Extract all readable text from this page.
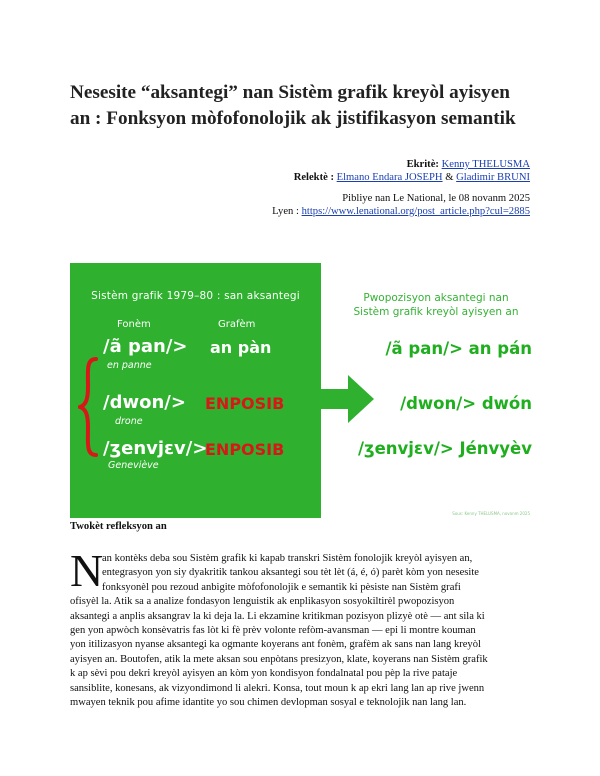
Nesesite “aksantegi” nan Sistèm grafik kreyòl ayisyen
an : Fonksyon mòfofonolojik ak jistifikasyon semantik
Ekritè: Kenny THELUSMA
Relektè : Elmano Endara JOSEPH & Gladimir BRUNI
Pibliye nan Le National, le 08 novanm 2025
Lyen : https://www.lenational.org/post_article.php?cul=2885
Sistèm grafik 1979–80 : san aksantegi
Fonèm	Grafèm
/ã pan/> an pàn
en panne
/dwon/> ENPOSIB
drone
/ʒenvjɛv/>
ENPOSIB
Geneviève
Pwopozisyon aksantegi nan
Sistèm grafik kreyòl ayisyen an
/ã pan/> an pán
/dwon/> dwón
/ʒenvjɛv/> Jénvyèv
Sous: Kenny THELUSMA, novanm 2025
Twokèt refleksyon an
N
an kontèks deba sou Sistèm grafik ki kapab transkri Sistèm fonolojik kreyòl ayisyen an,
entegrasyon yon siy dyakritik tankou aksantegi sou tèt lèt (á, é, ó) parèt kòm yon nesesite
fonksyonèl pou rezoud anbigite mòfofonolojik e semantik ki pèsiste nan Sistèm grafi
ofisyèl la. Atik sa a analize fondasyon lenguistik ak enplikasyon sosyokiltirèl pwopozisyon
aksantegi a anplis aksangrav la ki deja la. Li ekzamine kritikman pozisyon plizyè otè — ant sila ki
gen yon apwòch konsèvatris fas lòt ki fè prèv volonte refòm-avansman — epi li montre kouman
yon itilizasyon nyanse aksantegi ka ogmante koyerans ant fonèm, grafèm ak sans nan lang kreyòl
ayisyen an. Boutofen, atik la mete aksan sou enpòtans presizyon, klate, koyerans nan Sistèm grafik
k ap sèvi pou dekri kreyòl ayisyen an kòm yon kondisyon fondalnatal pou pèp la rive pataje
sansiblite, konesans, ak vizyondimond li alekri. Konsa, tout moun k ap ekri lang lan ap rive jwenn
mwayen teknik pou afime idantite yo sou chimen devlopman sosyal e teknolojik nan lang lan.
